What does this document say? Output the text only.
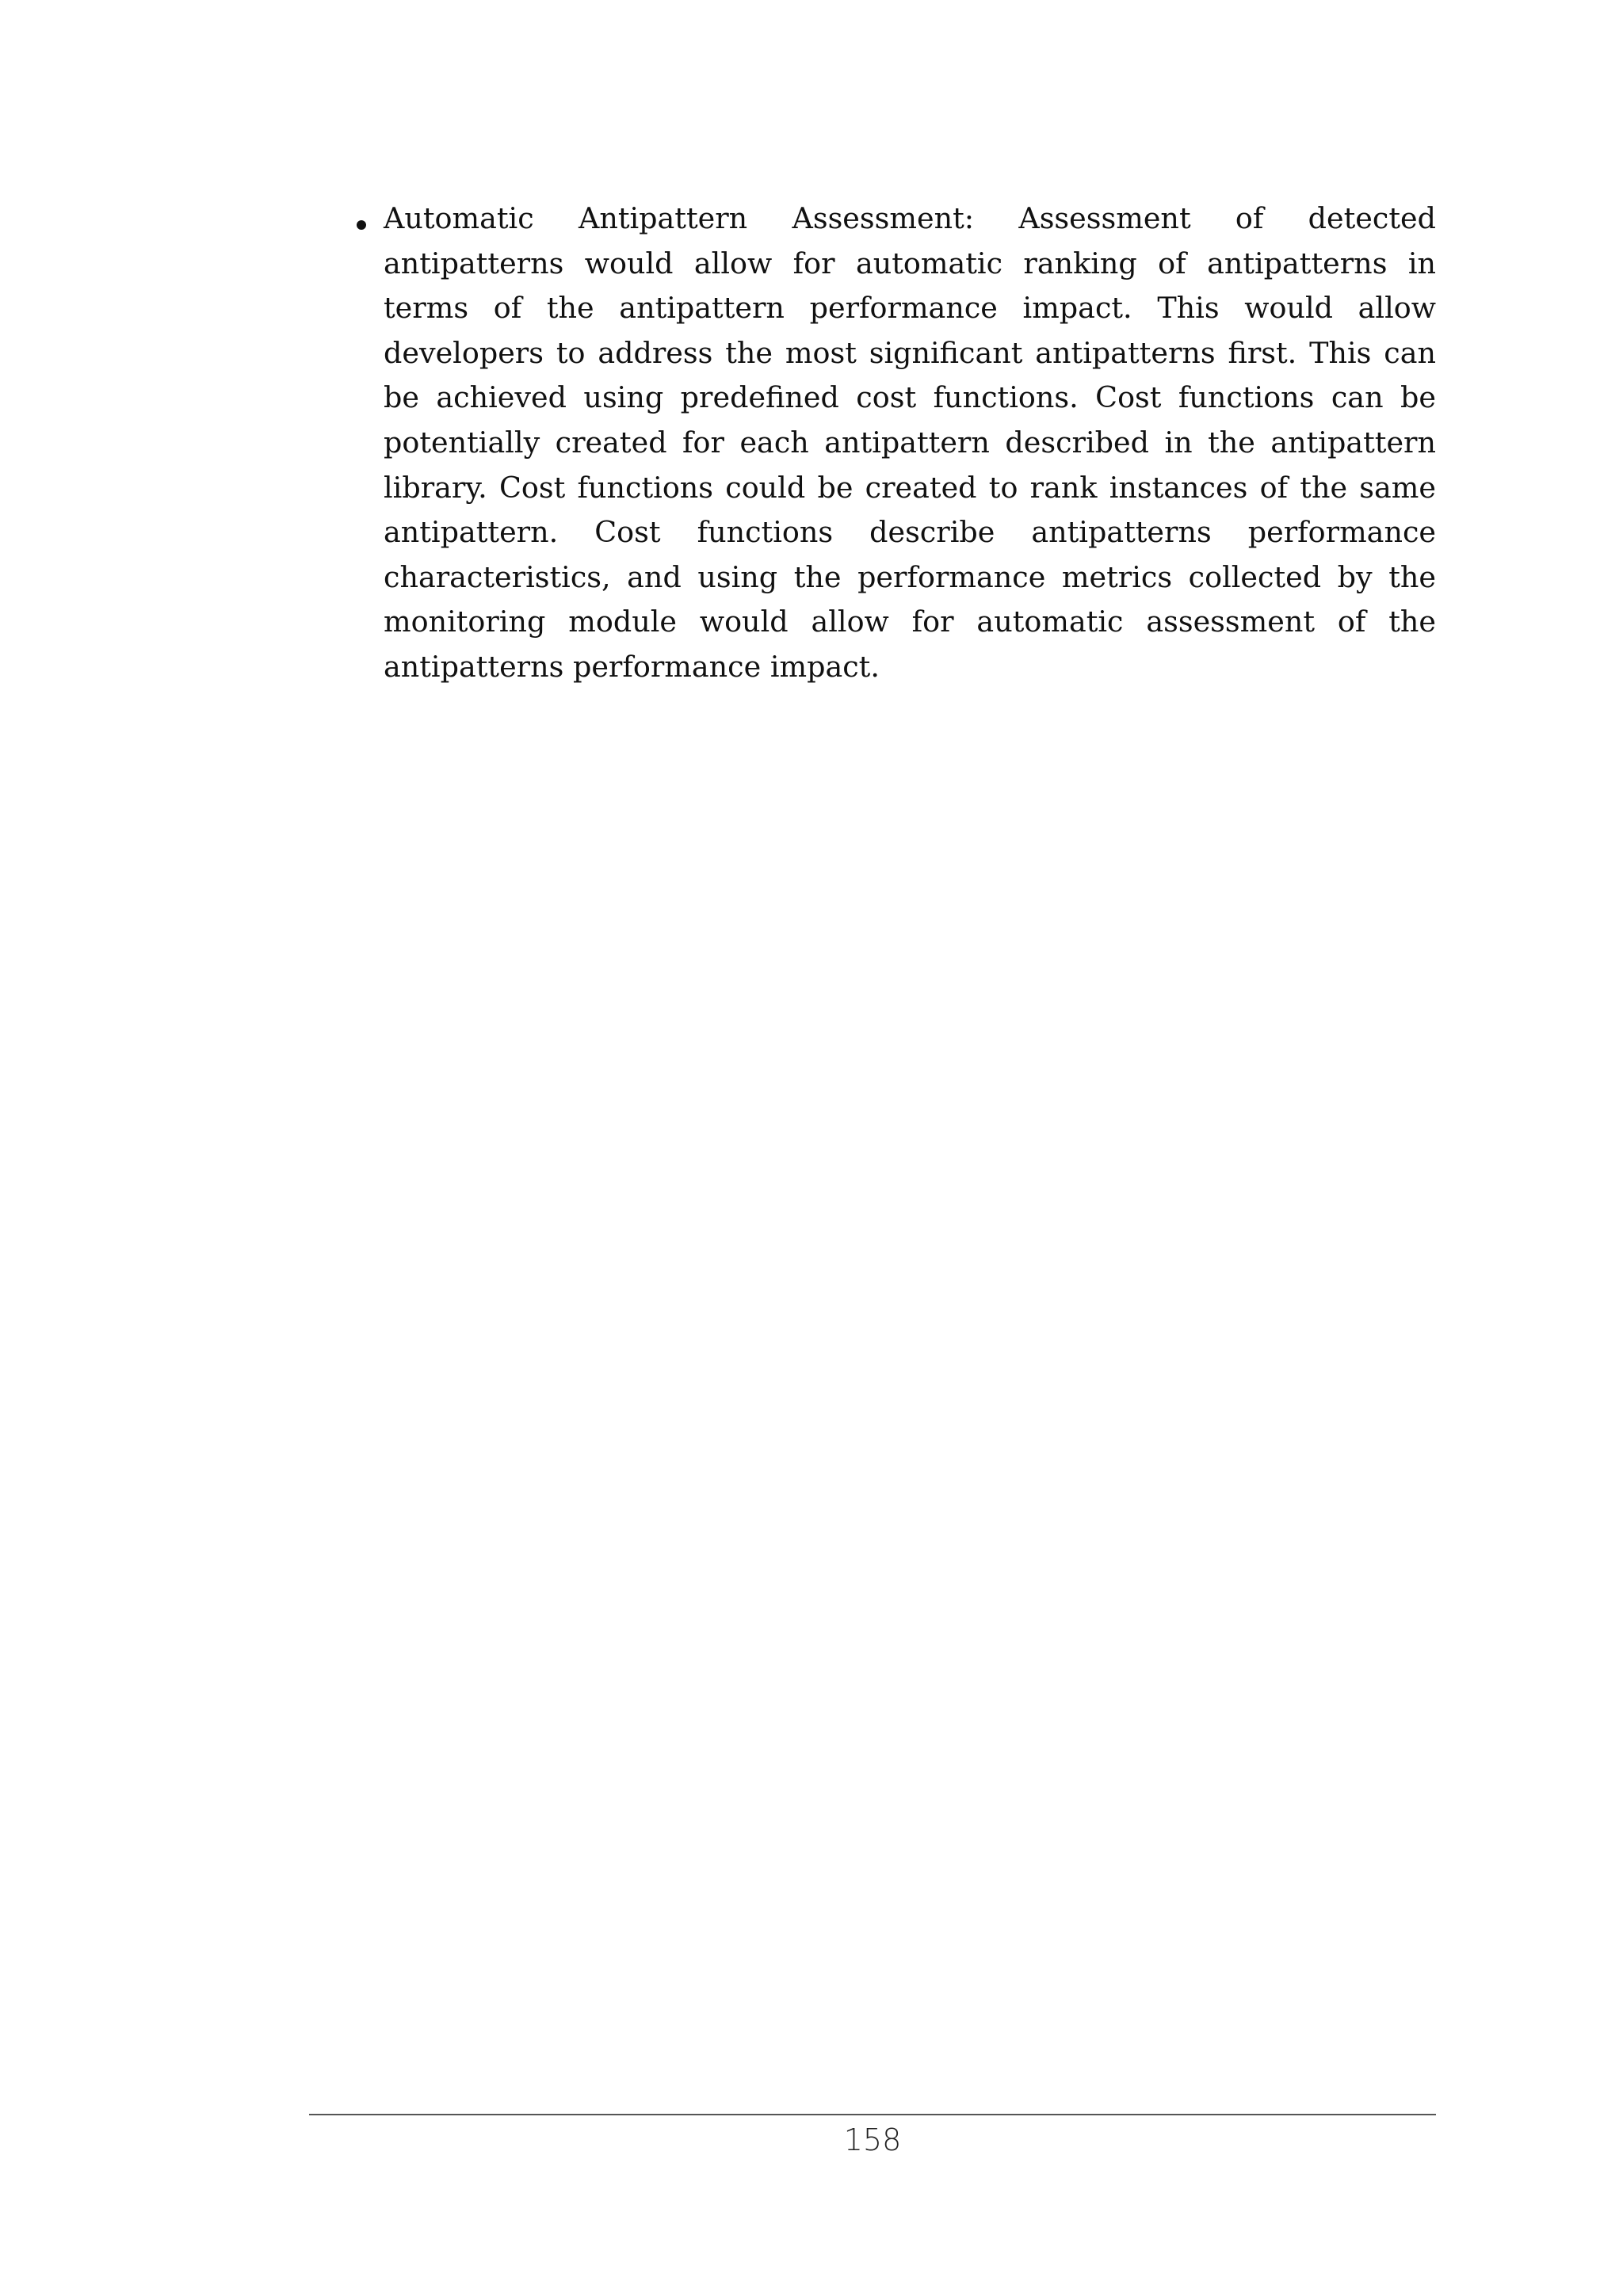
Automatic Antipattern Assessment: Assessment of detected antipatterns would allow for automatic ranking of antipatterns in terms of the antipattern performance impact. This would allow developers to address the most significant antipatterns first. This can be achieved using predefined cost functions. Cost functions can be potentially created for each antipattern described in the antipattern library. Cost functions could be created to rank instances of the same antipattern. Cost functions describe antipatterns performance characteristics, and using the performance metrics collected by the monitoring module would allow for automatic assessment of the antipatterns performance impact.

158
